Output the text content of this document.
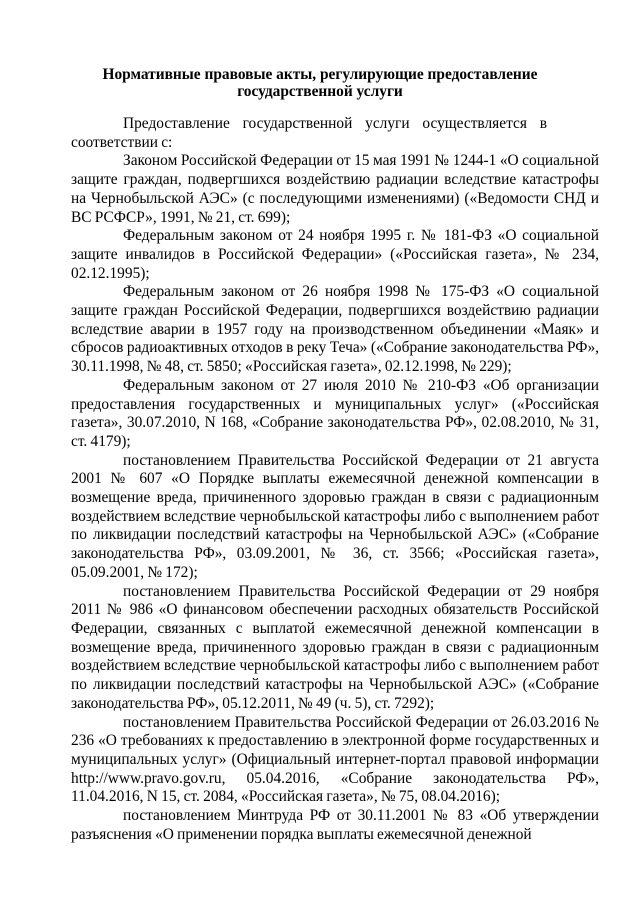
Нормативные правовые акты, регулирующие предоставление государственной услуги

Предоставление государственной услуги осуществляется в соответствии с:

Законом Российской Федерации от 15 мая 1991 № 1244-1 «О социальной защите граждан, подвергшихся воздействию радиации вследствие катастрофы на Чернобыльской АЭС» (с последующими изменениями) («Ведомости СНД и ВС РСФСР», 1991, № 21, ст. 699);

Федеральным законом от 24 ноября 1995 г. № 181-ФЗ «О социальной защите инвалидов в Российской Федерации» («Российская газета», № 234, 02.12.1995);

Федеральным законом от 26 ноября 1998 № 175-ФЗ «О социальной защите граждан Российской Федерации, подвергшихся воздействию радиации вследствие аварии в 1957 году на производственном объединении «Маяк» и сбросов радиоактивных отходов в реку Теча» («Собрание законодательства РФ», 30.11.1998, № 48, ст. 5850; «Российская газета», 02.12.1998, № 229);

Федеральным законом от 27 июля 2010 № 210-ФЗ «Об организации предоставления государственных и муниципальных услуг» («Российская газета», 30.07.2010, N 168, «Собрание законодательства РФ», 02.08.2010, № 31, ст. 4179);

постановлением Правительства Российской Федерации от 21 августа 2001 № 607 «О Порядке выплаты ежемесячной денежной компенсации в возмещение вреда, причиненного здоровью граждан в связи с радиационным воздействием вследствие чернобыльской катастрофы либо с выполнением работ по ликвидации последствий катастрофы на Чернобыльской АЭС» («Собрание законодательства РФ», 03.09.2001, № 36, ст. 3566; «Российская газета», 05.09.2001, № 172);

постановлением Правительства Российской Федерации от 29 ноября 2011 № 986 «О финансовом обеспечении расходных обязательств Российской Федерации, связанных с выплатой ежемесячной денежной компенсации в возмещение вреда, причиненного здоровью граждан в связи с радиационным воздействием вследствие чернобыльской катастрофы либо с выполнением работ по ликвидации последствий катастрофы на Чернобыльской АЭС» («Собрание законодательства РФ», 05.12.2011, № 49 (ч. 5), ст. 7292);

постановлением Правительства Российской Федерации от 26.03.2016 № 236 «О требованиях к предоставлению в электронной форме государственных и муниципальных услуг» (Официальный интернет-портал правовой информации http://www.pravo.gov.ru, 05.04.2016, «Собрание законодательства РФ», 11.04.2016, N 15, ст. 2084, «Российская газета», № 75, 08.04.2016);

постановлением Минтруда РФ от 30.11.2001 № 83 «Об утверждении разъяснения «О применении порядка выплаты ежемесячной денежной
